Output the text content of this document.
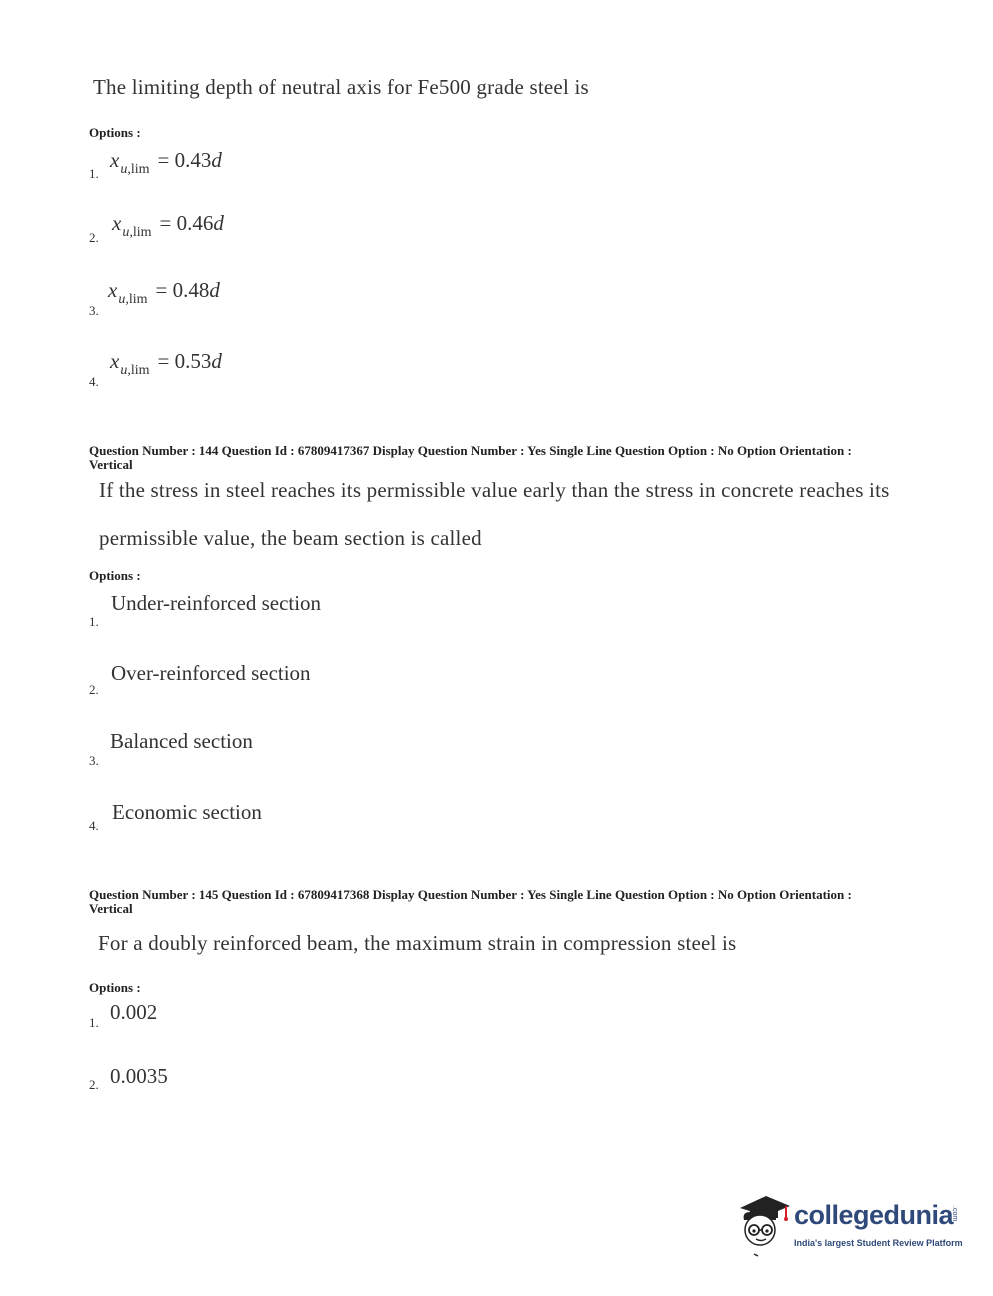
The limiting depth of neutral axis for Fe500 grade steel is
Options :
1.
$x_{u,lim} = 0.43d$
2.
$x_{u,lim} = 0.46d$
3.
$x_{u,lim} = 0.48d$
4.
$x_{u,lim} = 0.53d$
Question Number : 144 Question Id : 67809417367 Display Question Number : Yes Single Line Question Option : No Option Orientation : Vertical
If the stress in steel reaches its permissible value early than the stress in concrete reaches its
permissible value, the beam section is called
Options :
Under-reinforced section
1.
Over-reinforced section
2.
Balanced section
3.
Economic section
4.
Question Number : 145 Question Id : 67809417368 Display Question Number : Yes Single Line Question Option : No Option Orientation : Vertical
For a doubly reinforced beam, the maximum strain in compression steel is
Options :
0.002
1.
0.0035
2.
collegedunia
.com
India's largest Student Review Platform
